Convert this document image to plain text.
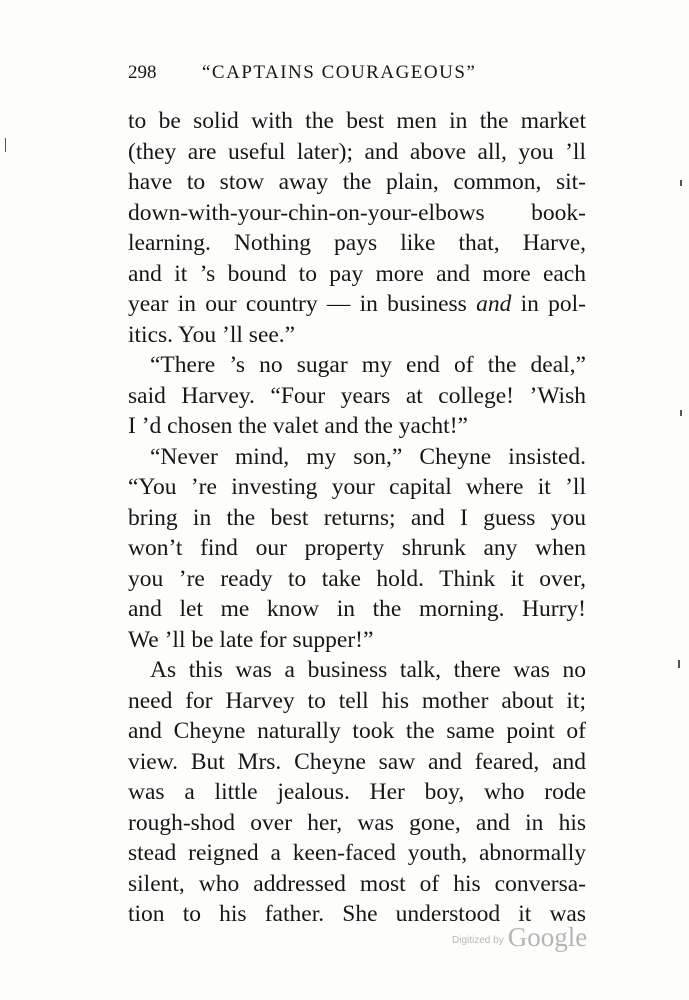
298 “CAPTAINS COURAGEOUS”
to be solid with the best men in the market
(they are useful later); and above all, you ’ll
have to stow away the plain, common, sit-
down-with-your-chin-on-your-elbows book-
learning. Nothing pays like that, Harve,
and it ’s bound to pay more and more each
year in our country — in business and in pol-
itics. You ’ll see.”
“There ’s no sugar my end of the deal,”
said Harvey. “Four years at college! ’Wish
I ’d chosen the valet and the yacht!”
“Never mind, my son,” Cheyne insisted.
“You ’re investing your capital where it ’ll
bring in the best returns; and I guess you
won’t find our property shrunk any when
you ’re ready to take hold. Think it over,
and let me know in the morning. Hurry!
We ’ll be late for supper!”
As this was a business talk, there was no
need for Harvey to tell his mother about it;
and Cheyne naturally took the same point of
view. But Mrs. Cheyne saw and feared, and
was a little jealous. Her boy, who rode
rough-shod over her, was gone, and in his
stead reigned a keen-faced youth, abnormally
silent, who addressed most of his conversa-
tion to his father. She understood it was
Digitized by Google
